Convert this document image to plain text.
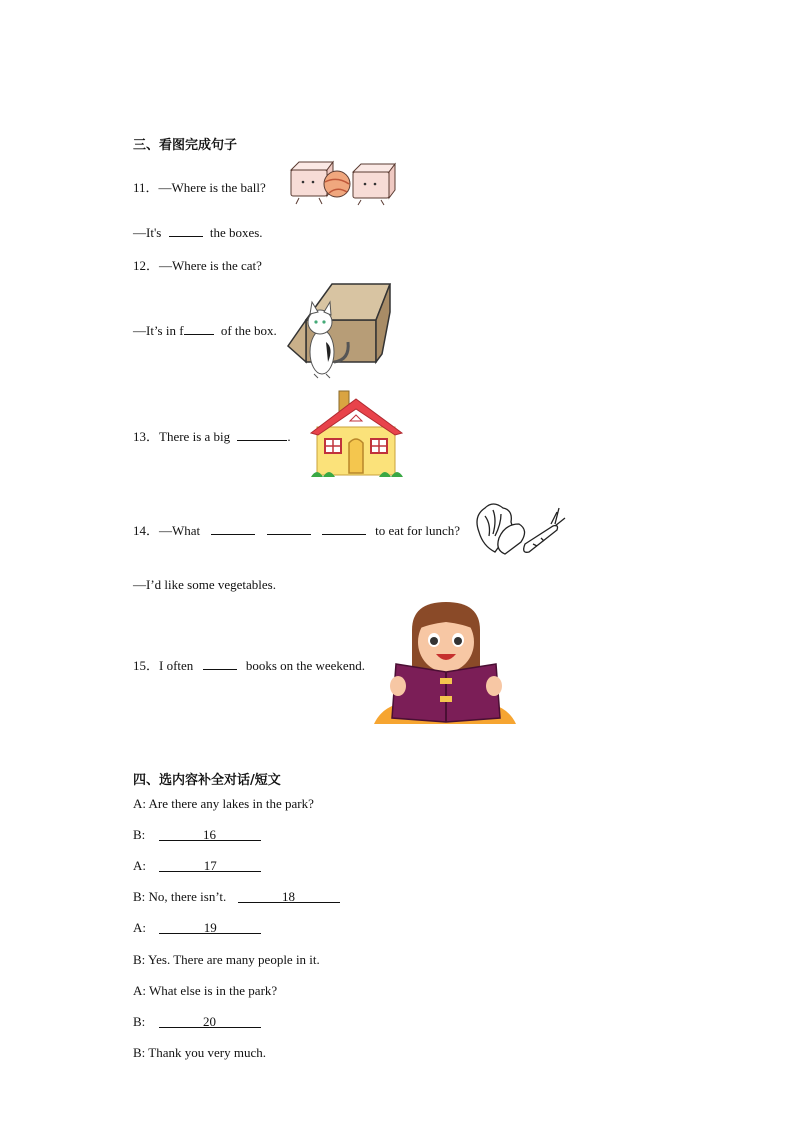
三、看图完成句子
11．—Where is the ball?
—It's	the boxes.
12．—Where is the cat?
—It’s in f	of the box.
13．There is a big	.
14．—What	to eat for lunch?
—I’d like some vegetables.
15．I often	books on the weekend.
四、选内容补全对话/短文
A: Are there any lakes in the park?
B:	16
A:	17
B: No, there isn’t.	18
A:	19
B: Yes. There are many people in it.
A: What else is in the park?
B:	20
B: Thank you very much.
